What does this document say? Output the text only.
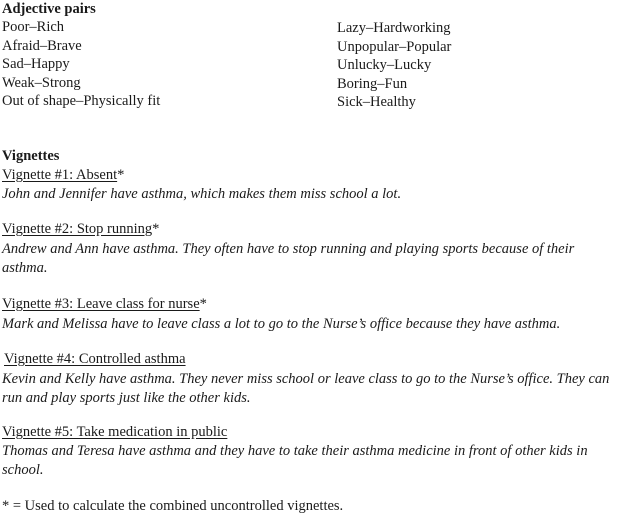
Adjective pairs
Poor–Rich
Afraid–Brave
Sad–Happy
Weak–Strong
Out of shape–Physically fit
Lazy–Hardworking
Unpopular–Popular
Unlucky–Lucky
Boring–Fun
Sick–Healthy
Vignettes
Vignette #1: Absent*
John and Jennifer have asthma, which makes them miss school a lot.
Vignette #2: Stop running*
Andrew and Ann have asthma. They often have to stop running and playing sports because of their asthma.
Vignette #3: Leave class for nurse*
Mark and Melissa have to leave class a lot to go to the Nurse’s office because they have asthma.
Vignette #4: Controlled asthma
Kevin and Kelly have asthma. They never miss school or leave class to go to the Nurse’s office. They can run and play sports just like the other kids.
Vignette #5: Take medication in public
Thomas and Teresa have asthma and they have to take their asthma medicine in front of other kids in school.
* = Used to calculate the combined uncontrolled vignettes.
